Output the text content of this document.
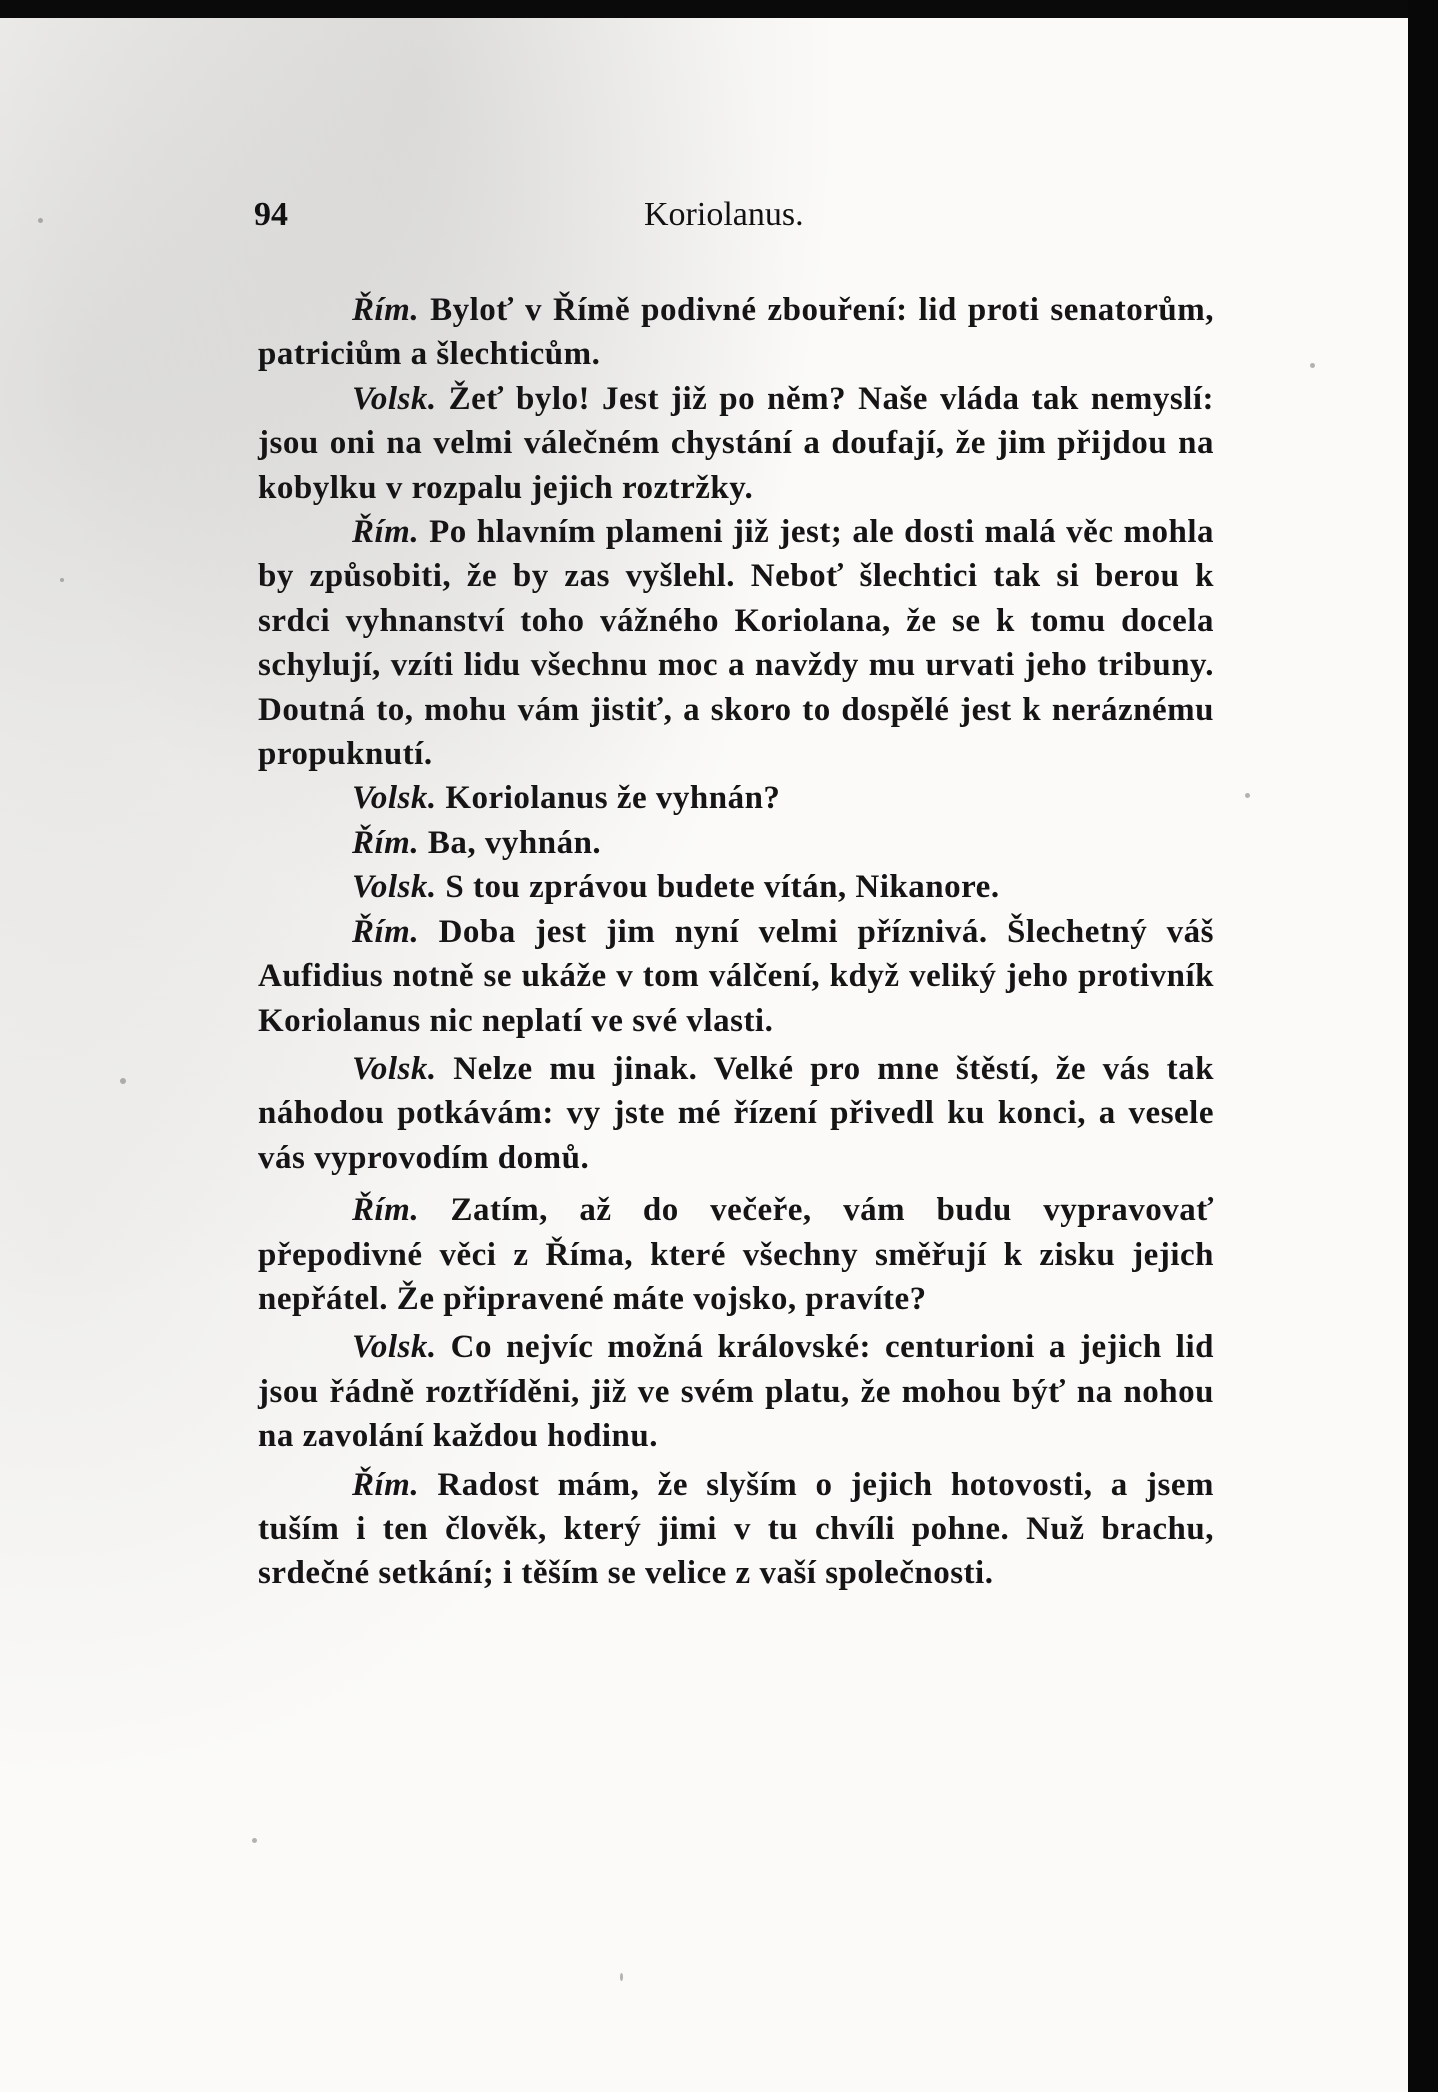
94	Koriolanus.

Řím. Byloť v Římě podivné zbouření: lid proti senatorům, patriciům a šlechticům.

Volsk. Žeť bylo! Jest již po něm? Naše vláda tak nemyslí: jsou oni na velmi válečném chystání a doufají, že jim přijdou na kobylku v rozpalu jejich roztržky.

Řím. Po hlavním plameni již jest; ale dosti malá věc mohla by způsobiti, že by zas vyšlehl. Neboť šlechtici tak si berou k srdci vyhnanství toho vážného Koriolana, že se k tomu docela schylují, vzíti lidu všechnu moc a navždy mu urvati jeho tribuny. Doutná to, mohu vám jistiť, a skoro to dospělé jest k neráznému propuknutí.

Volsk. Koriolanus že vyhnán?

Řím. Ba, vyhnán.

Volsk. S tou zprávou budete vítán, Nikanore.

Řím. Doba jest jim nyní velmi příznivá. Šlechetný váš Aufidius notně se ukáže v tom válčení, když veliký jeho protivník Koriolanus nic neplatí ve své vlasti.

Volsk. Nelze mu jinak. Velké pro mne štěstí, že vás tak náhodou potkávám: vy jste mé řízení přivedl ku konci, a vesele vás vyprovodím domů.

Řím. Zatím, až do večeře, vám budu vypravovať přepodivné věci z Říma, které všechny směřují k zisku jejich nepřátel. Že připravené máte vojsko, pravíte?

Volsk. Co nejvíc možná královské: centurioni a jejich lid jsou řádně roztříděni, již ve svém platu, že mohou býť na nohou na zavolání každou hodinu.

Řím. Radost mám, že slyším o jejich hotovosti, a jsem tuším i ten člověk, který jimi v tu chvíli pohne. Nuž brachu, srdečné setkání; i těším se velice z vaší společnosti.
